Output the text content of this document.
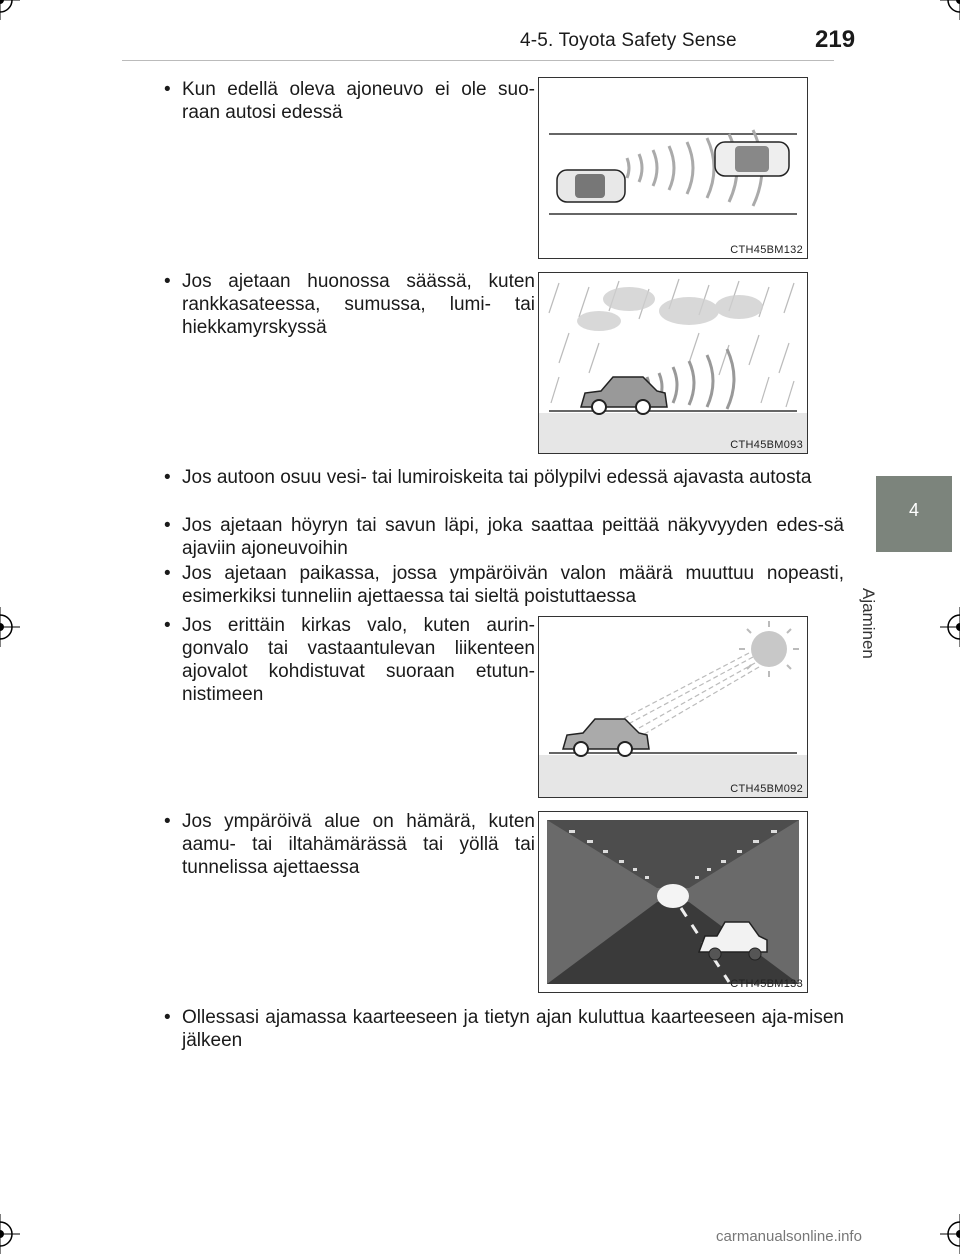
4-5. Toyota Safety Sense	219
4
Ajaminen
• Kun edellä oleva ajoneuvo ei ole suo-raan autosi edessä
• Jos ajetaan huonossa säässä, kuten rankkasateessa, sumussa, lumi- tai hiekkamyrskyssä
• Jos autoon osuu vesi- tai lumiroiskeita tai pölypilvi edessä ajavasta autosta
• Jos ajetaan höyryn tai savun läpi, joka saattaa peittää näkyvyyden edes-sä ajaviin ajoneuvoihin
• Jos ajetaan paikassa, jossa ympäröivän valon määrä muuttuu nopeasti, esimerkiksi tunneliin ajettaessa tai sieltä poistuttaessa
• Jos erittäin kirkas valo, kuten aurin-gonvalo tai vastaantulevan liikenteen ajovalot kohdistuvat suoraan etutun-nistimeen
• Jos ympäröivä alue on hämärä, kuten aamu- tai iltahämärässä tai yöllä tai tunnelissa ajettaessa
• Ollessasi ajamassa kaarteeseen ja tietyn ajan kuluttua kaarteeseen aja-misen jälkeen
CTH45BM132
CTH45BM093
CTH45BM092
CTH45BM133
carmanualsonline.info
